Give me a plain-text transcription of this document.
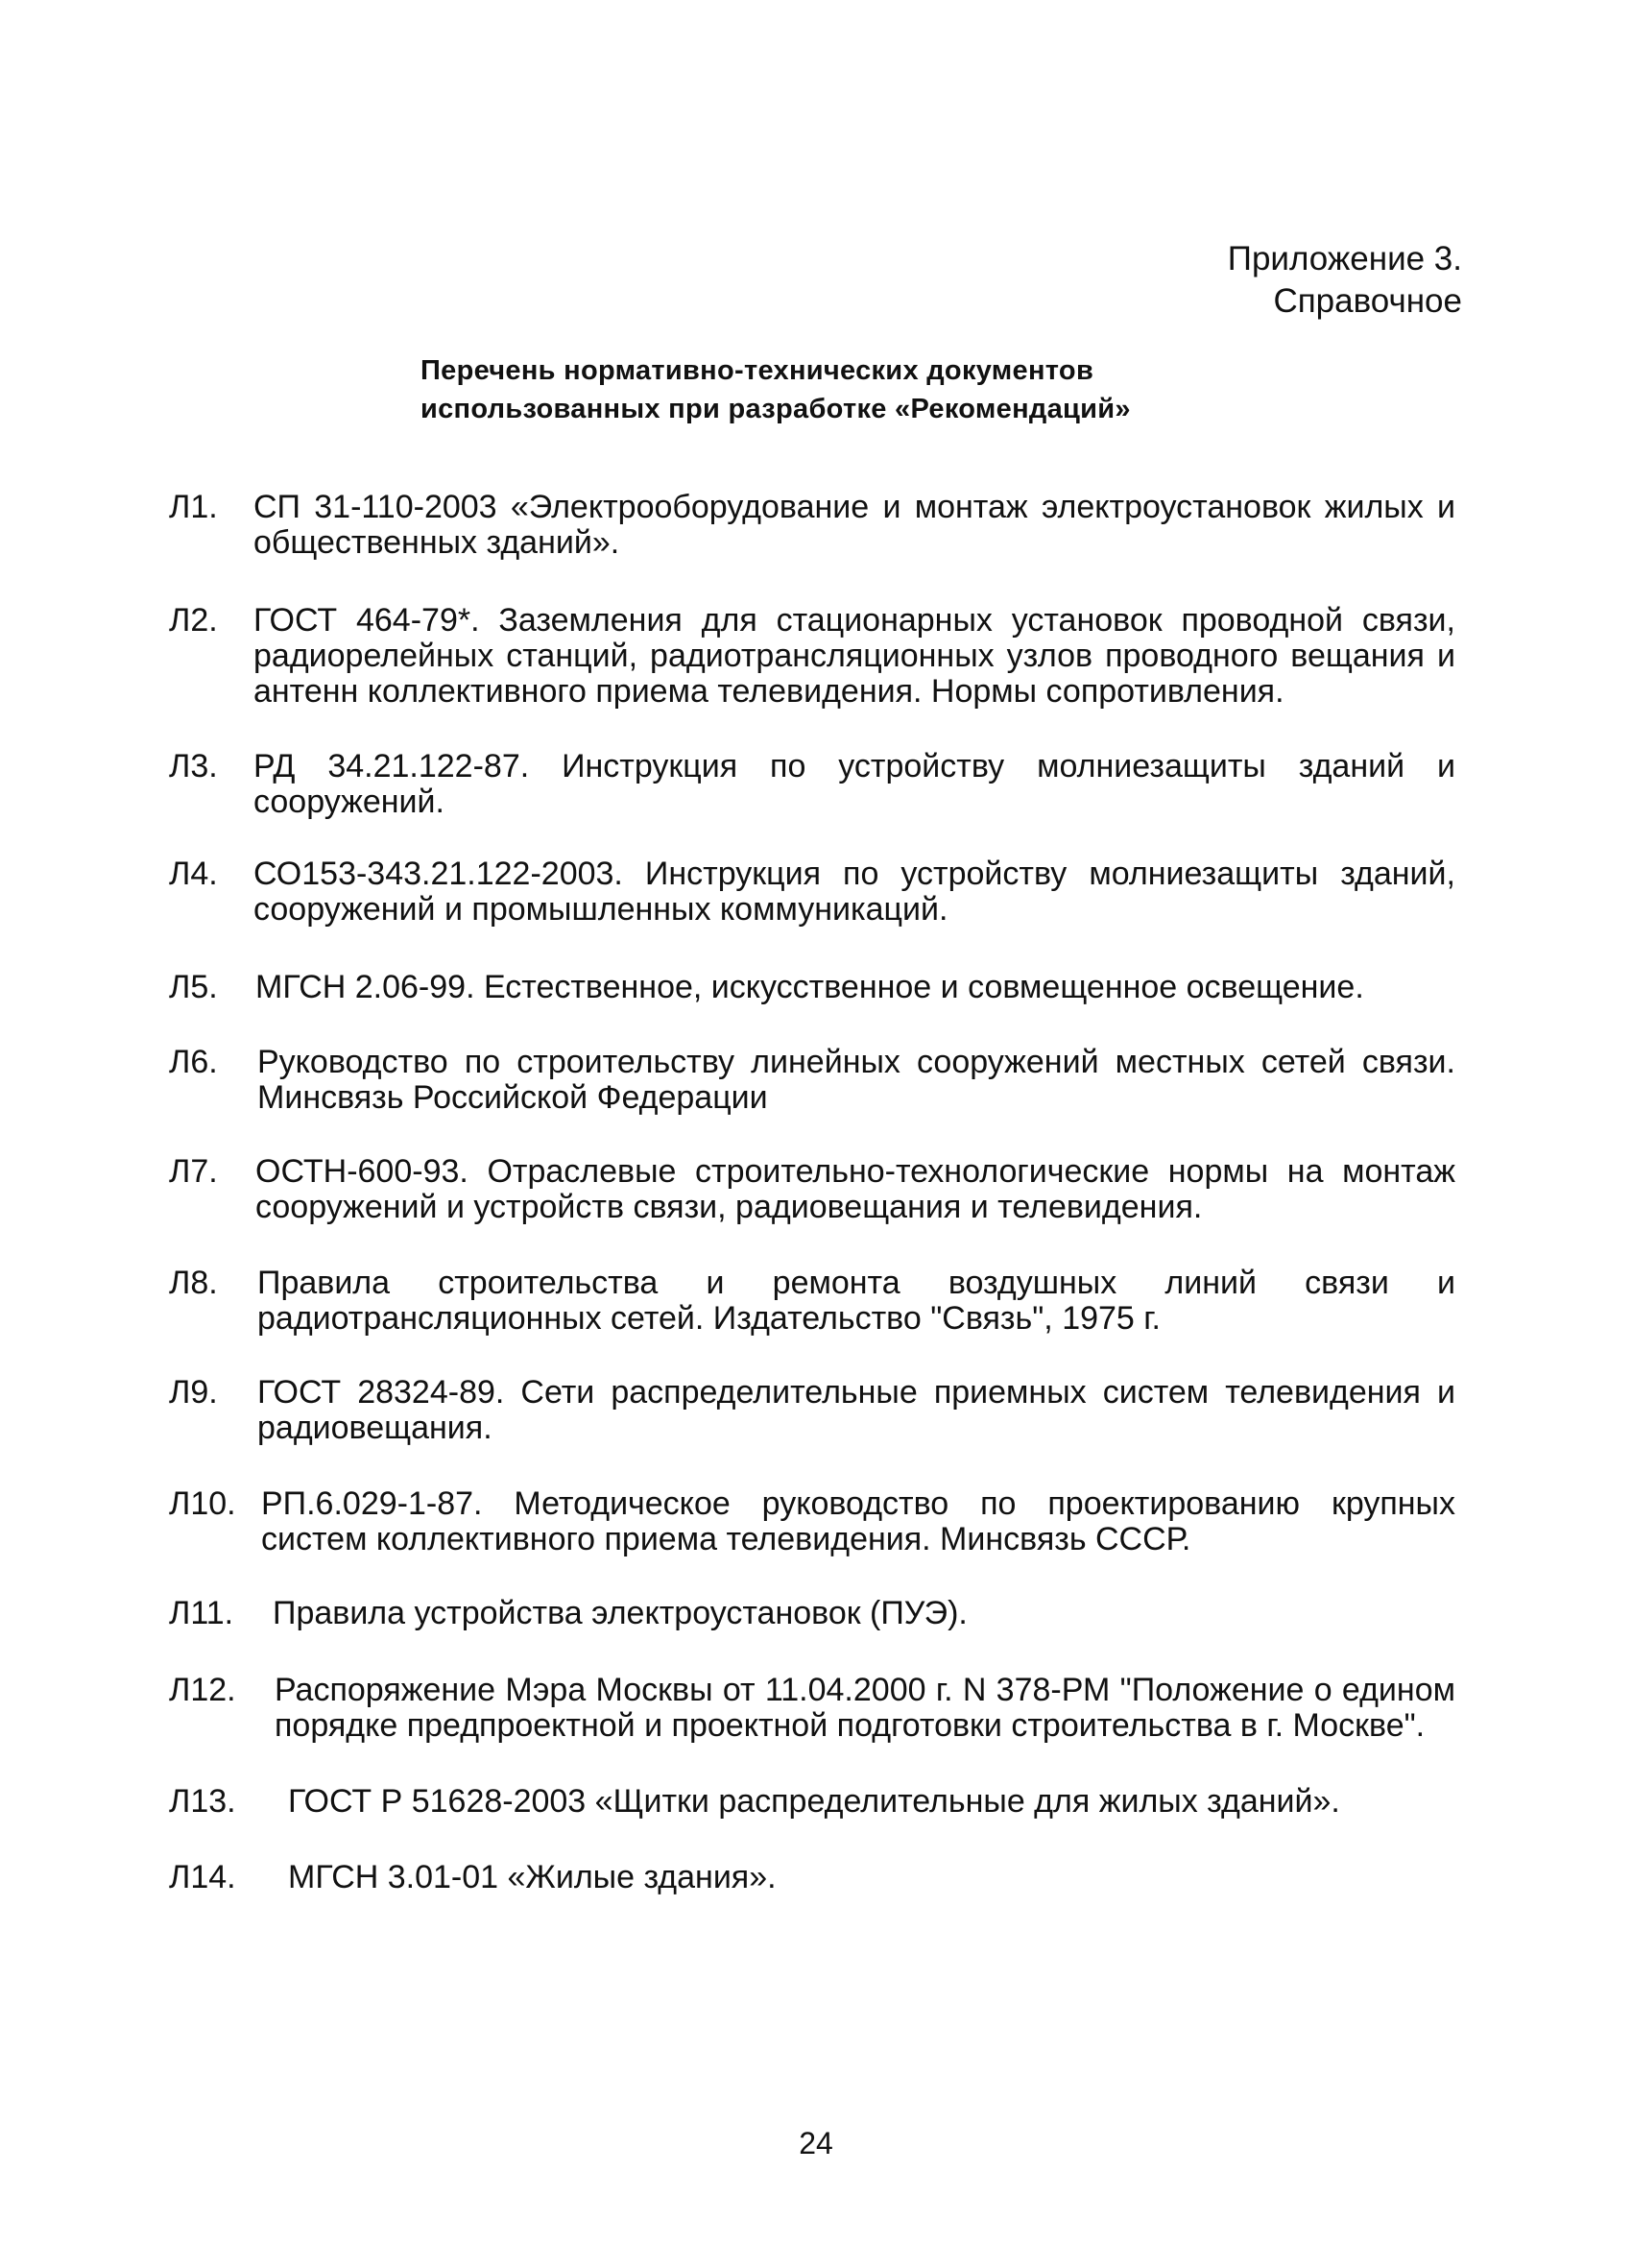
Приложение 3.
Справочное
Перечень нормативно-технических документов
использованных при разработке «Рекомендаций»
Л1. СП 31-110-2003 «Электрооборудование и монтаж электроустановок жилых и общественных зданий».
Л2. ГОСТ 464-79*. Заземления для стационарных установок проводной связи, радиорелейных станций, радиотрансляционных узлов проводного вещания и антенн коллективного приема телевидения. Нормы сопротивления.
Л3. РД 34.21.122-87. Инструкция по устройству молниезащиты зданий и сооружений.
Л4. СО153-343.21.122-2003. Инструкция по устройству молниезащиты зданий, сооружений и промышленных коммуникаций.
Л5. МГСН 2.06-99. Естественное, искусственное и совмещенное освещение.
Л6. Руководство по строительству линейных сооружений местных сетей связи. Минсвязь Российской Федерации
Л7. ОСТН-600-93. Отраслевые строительно-технологические нормы на монтаж сооружений и устройств связи, радиовещания и телевидения.
Л8. Правила строительства и ремонта воздушных линий связи и радиотрансляционных сетей. Издательство "Связь", 1975 г.
Л9. ГОСТ 28324-89. Сети распределительные приемных систем телевидения и радиовещания.
Л10. РП.6.029-1-87. Методическое руководство по проектированию крупных систем коллективного приема телевидения. Минсвязь СССР.
Л11. Правила устройства электроустановок (ПУЭ).
Л12. Распоряжение Мэра Москвы от 11.04.2000 г. N 378-РМ "Положение о едином порядке предпроектной и проектной подготовки строительства в г. Москве".
Л13. ГОСТ Р 51628-2003 «Щитки распределительные для жилых зданий».
Л14. МГСН 3.01-01 «Жилые здания».
24
